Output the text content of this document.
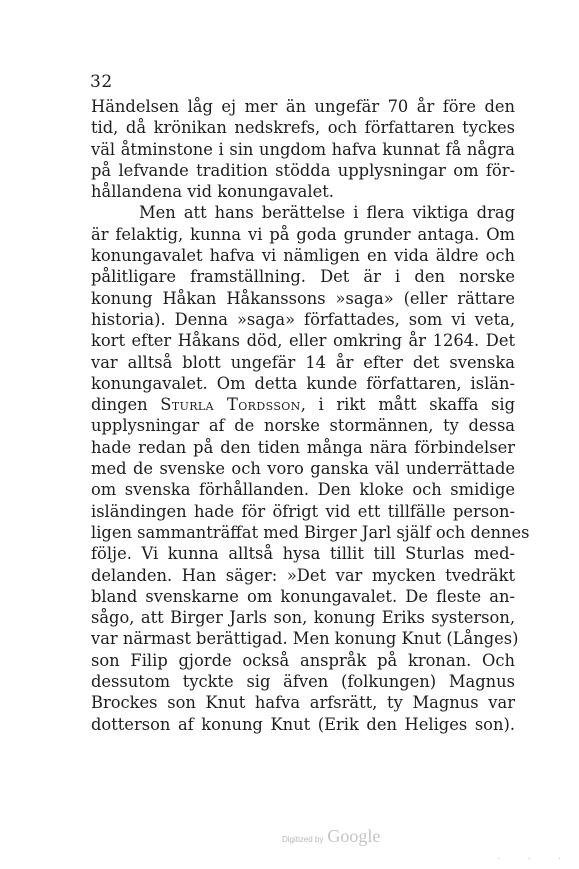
32
Händelsen låg ej mer än ungefär 70 år före den
tid, då krönikan nedskrefs, och författaren tyckes
väl åtminstone i sin ungdom hafva kunnat få några
på lefvande tradition stödda upplysningar om för-
hållandena vid konungavalet.
Men att hans berättelse i flera viktiga drag
är felaktig, kunna vi på goda grunder antaga. Om
konungavalet hafva vi nämligen en vida äldre och
pålitligare framställning. Det är i den norske
konung Håkan Håkanssons »saga» (eller rättare
historia). Denna »saga» författades, som vi veta,
kort efter Håkans död, eller omkring år 1264. Det
var alltså blott ungefär 14 år efter det svenska
konungavalet. Om detta kunde författaren, islän-
dingen Sturla Tordsson, i rikt mått skaffa sig
upplysningar af de norske stormännen, ty dessa
hade redan på den tiden många nära förbindelser
med de svenske och voro ganska väl underrättade
om svenska förhållanden. Den kloke och smidige
isländingen hade för öfrigt vid ett tillfälle person-
ligen sammanträffat med Birger Jarl själf och dennes
följe. Vi kunna alltså hysa tillit till Sturlas med-
delanden. Han säger: »Det var mycken tvedräkt
bland svenskarne om konungavalet. De fleste an-
sågo, att Birger Jarls son, konung Eriks systerson,
var närmast berättigad. Men konung Knut (Långes)
son Filip gjorde också anspråk på kronan. Och
dessutom tyckte sig äfven (folkungen) Magnus
Brockes son Knut hafva arfsrätt, ty Magnus var
dotterson af konung Knut (Erik den Heliges son).
Digitized by Google
· · ·
